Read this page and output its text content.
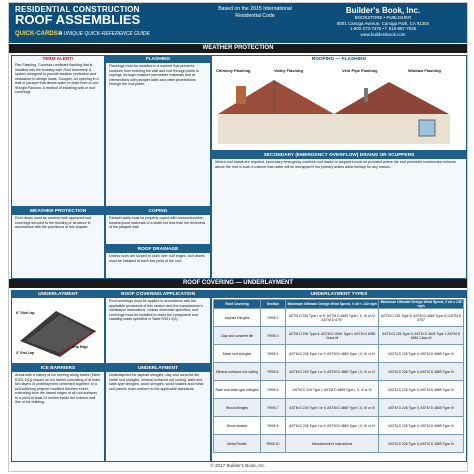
RESIDENTIAL CONSTRUCTION
ROOF ASSEMBLIES
QUICK-CARDS®
A UNIQUE QUICK-REFERENCE GUIDE
Based on the 2015 International Residential Code
Builder's Book, Inc.
BOOKSTORE • PUBLISHER
8001 Canoga Avenue, Canoga Park, CA 91304
1-800-273-7375 • f: 818-887-7828
www.buildersbook.com
WEATHER PROTECTION
TERM ALERT!
Pan Flashing. Corrosion-resistant flashing that is installed into the building wall. Roof Assembly. A system designed to provide weather protection and resistance to design loads. Scupper. An opening in a wall or parapet that allows water to drain from a roof. Shingle Fashion. A method of installing wall or roof coverings.
FLASHING
Flashings must be installed in a manner that prevents moisture from entering the wall and roof through joints in copings, through moisture permeable materials and at intersections with parapet walls and other penetrations through the roof plane.
ROOFING — FLASHING
Chimney Flashing	Valley Flashing	Vent Pipe Flashing	Window Flashing
SECONDARY (EMERGENCY OVERFLOW) DRAINS OR SCUPPERS
Where roof drains are required, secondary emergency overflow roof drains or scuppers must be provided where the roof perimeter construction extends above the roof in such a manner that water will be entrapped if the primary drains allow buildup for any reason.
WEATHER PROTECTION
Roof decks must be covered with approved roof coverings secured to the building or structure in accordance with the provisions of this chapter.
COPING
Parapet walls must be properly coped with noncombustible, weatherproof materials of a width not less than the thickness of the parapet wall.
ROOF DRAINAGE
Unless roofs are sloped to drain over roof edges, roof drains must be installed at each low point of the roof.
ROOF COVERING — UNDERLAYMENT
UNDERLAYMENT
Drip Edge
2" End Lap
6" Side Lap
ROOF COVERING APPLICATION
Roof coverings must be applied in accordance with the applicable provisions of this section and the manufacturer's installation instructions. Unless otherwise specified, roof coverings must be installed to resist the component and cladding loads specified in Table R301.2(2).
ICE BARRIERS
Areas with a history of ice forming along eaves (Table R301.2(1)) require an ice barrier consisting of at least two layers of underlayment cemented together, or a self-adhering polymer modified bitumen sheet, extending from the lowest edges of all roof surfaces to a point at least 24 inches inside the exterior wall line of the building.
UNDERLAYMENT
Underlayment for asphalt shingles, clay and concrete tile, metal roof shingles, mineral-surfaced roll roofing, slate and slate-type shingles, wood shingles, wood shakes and metal roof panels must conform to the applicable standards.
UNDERLAYMENT TYPES
Roof Covering	Section	Maximum Ultimate Design Wind Speed, V ult < 140 mph	Maximum Ultimate Design Wind Speed, V ult ≥ 140 mph
Asphalt shingles	R905.2	ASTM D 226 Type I or II; ASTM D 4869 Type I, II, III or IV; ASTM D 6757	ASTM D 226 Type II; ASTM D 4869 Type IV; ASTM D 6757
Clay and concrete tile	R905.3	ASTM D 226 Type II; ASTM D 2626 Type I; ASTM D 6380 Class M	ASTM D 226 Type II; ASTM D 2626 Type I; ASTM D 6380 Class M
Metal roof shingles	R905.4	ASTM D 226 Type I or II; ASTM D 4869 Type I, II, III or IV	ASTM D 226 Type II; ASTM D 4869 Type IV
Mineral-surfaced roll roofing	R905.5	ASTM D 226 Type I or II; ASTM D 4869 Type I, II, III or IV	ASTM D 226 Type II; ASTM D 4869 Type IV
Slate and slate-type shingles	R905.6	ASTM D 226 Type I; ASTM D 4869 Type I, II, III or IV	ASTM D 226 Type II; ASTM D 4869 Type IV
Wood shingles	R905.7	ASTM D 226 Type I or II; ASTM D 4869 Type I, II, III or IV	ASTM D 226 Type II; ASTM D 4869 Type IV
Wood shakes	R905.8	ASTM D 226 Type I or II; ASTM D 4869 Type I, II, III or IV	ASTM D 226 Type II; ASTM D 4869 Type IV
Metal Panels	R905.10	Manufacturer's instructions	ASTM D 226 Type II; ASTM D 4869 Type IV
© 2017 Builder's Book, Inc.
